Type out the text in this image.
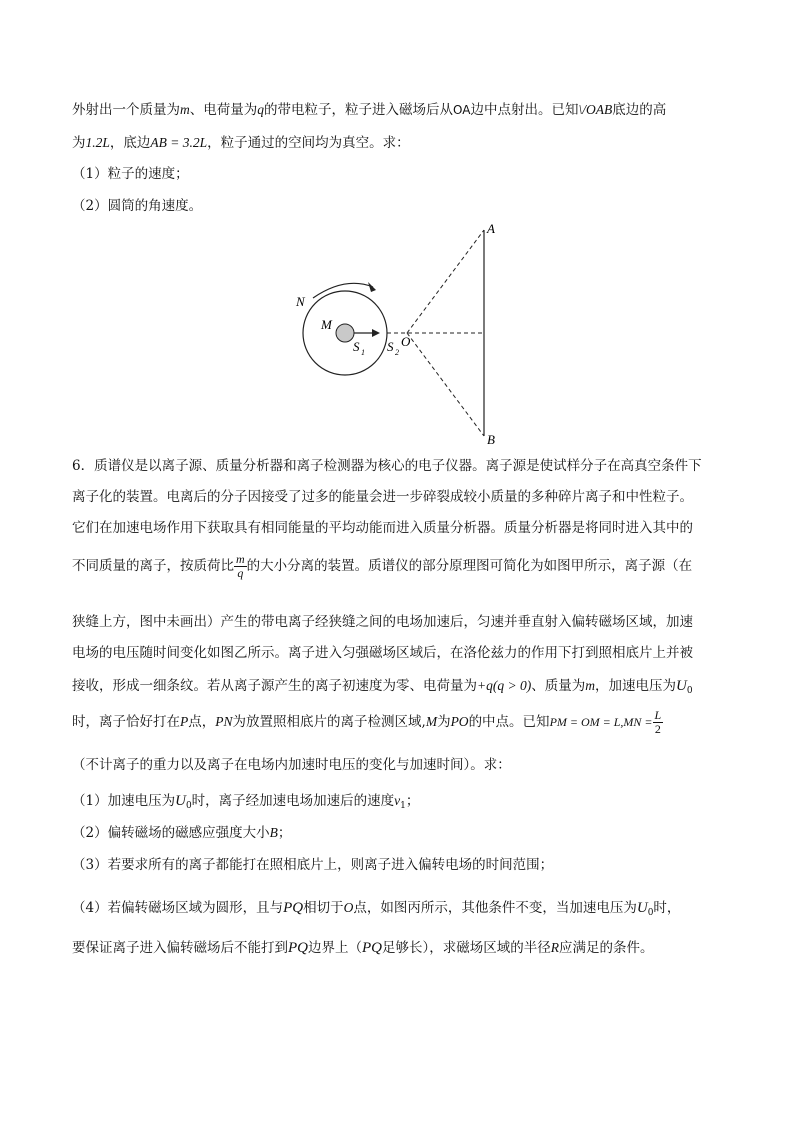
外射出一个质量为m、电荷量为q的带电粒子，粒子进入磁场后从OA边中点射出。已知\/OAB底边的高
为1.2L，底边AB = 3.2L，粒子通过的空间均为真空。求：
（1）粒子的速度；
（2）圆筒的角速度。
A
B
N
M
S 1 S 2
O
6．质谱仪是以离子源、质量分析器和离子检测器为核心的电子仪器。离子源是使试样分子在高真空条件下
离子化的装置。电离后的分子因接受了过多的能量会进一步碎裂成较小质量的多种碎片离子和中性粒子。
它们在加速电场作用下获取具有相同能量的平均动能而进入质量分析器。质量分析器是将同时进入其中的
不同质量的离子，按质荷比 $\frac{m}{q}$ 的大小分离的装置。质谱仪的部分原理图可简化为如图甲所示，离子源（在
狭缝上方，图中未画出）产生的带电离子经狭缝之间的电场加速后，匀速并垂直射入偏转磁场区域，加速
电场的电压随时间变化如图乙所示。离子进入匀强磁场区域后，在洛伦兹力的作用下打到照相底片上并被
接收，形成一细条纹。若从离子源产生的离子初速度为零、电荷量为+q(q > 0)、质量为m，加速电压为$U_0$
时，离子恰好打在P点，PN为放置照相底片的离子检测区域,M为PO的中点。已知PM = OM = $L,MN = \frac{L}{2}$
（不计离子的重力以及离子在电场内加速时电压的变化与加速时间）。求：
（1）加速电压为$U_0$时，离子经加速电场加速后的速度$v_1$；
（2）偏转磁场的磁感应强度大小B；
（3）若要求所有的离子都能打在照相底片上，则离子进入偏转电场的时间范围；
（4）若偏转磁场区域为圆形，且与PQ相切于O点，如图丙所示，其他条件不变，当加速电压为$U_0$时，
要保证离子进入偏转磁场后不能打到PQ边界上（PQ足够长），求磁场区域的半径R应满足的条件。
